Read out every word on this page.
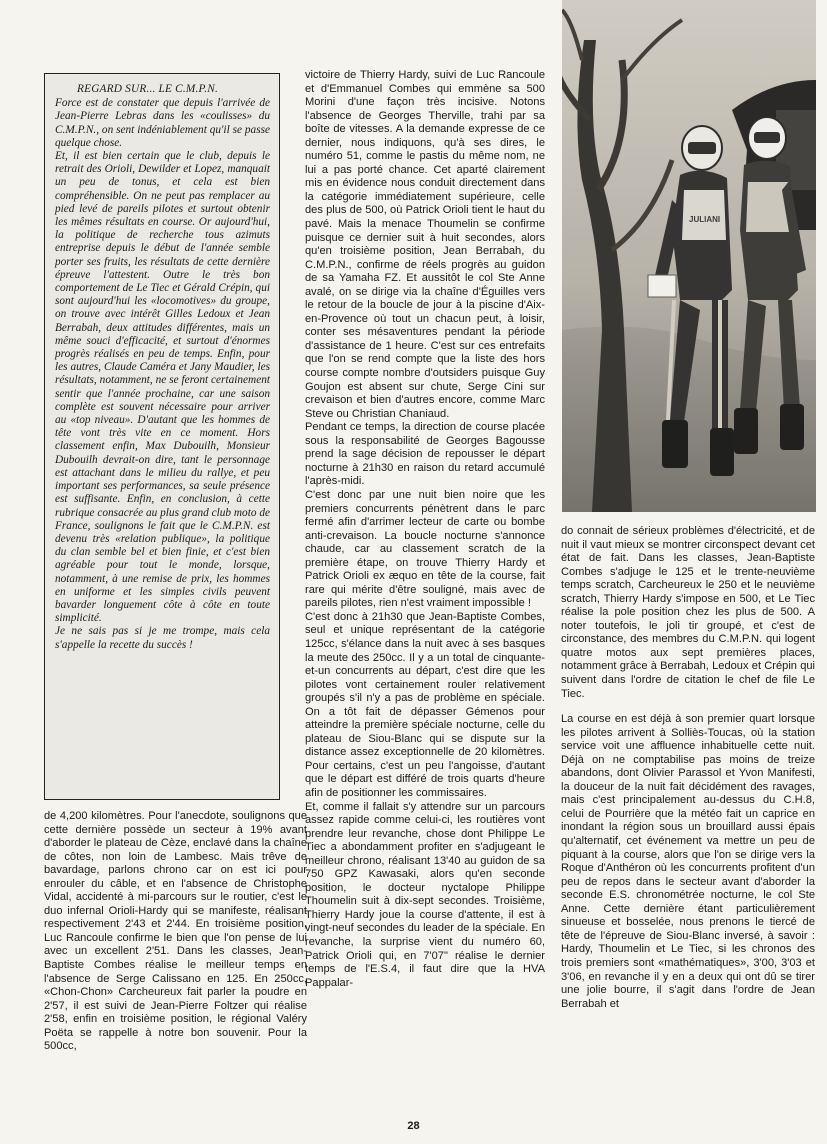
REGARD SUR... LE C.M.P.N.

Force est de constater que depuis l'arrivée de Jean-Pierre Lebras dans les «coulisses» du C.M.P.N., on sent indéniablement qu'il se passe quelque chose.

Et, il est bien certain que le club, depuis le retrait des Orioli, Dewilder et Lopez, manquait un peu de tonus, et cela est bien compréhensible. On ne peut pas remplacer au pied levé de pareils pilotes et surtout obtenir les mêmes résultats en course. Or aujourd'hui, la politique de recherche tous azimuts entreprise depuis le début de l'année semble porter ses fruits, les résultats de cette dernière épreuve l'attestent. Outre le très bon comportement de Le Tiec et Gérald Crépin, qui sont aujourd'hui les «locomotives» du groupe, on trouve avec intérêt Gilles Ledoux et Jean Berrabah, deux attitudes différentes, mais un même souci d'efficacité, et surtout d'énormes progrès réalisés en peu de temps. Enfin, pour les autres, Claude Caméra et Jany Maudier, les résultats, notamment, ne se feront certainement sentir que l'année prochaine, car une saison complète est souvent nécessaire pour arriver au «top niveau». D'autant que les hommes de tête vont très vite en ce moment. Hors classement enfin, Max Dubouilh, Monsieur Dubouilh devrait-on dire, tant le personnage est attachant dans le milieu du rallye, et peu important ses performances, sa seule présence est suffisante. Enfin, en conclusion, à cette rubrique consacrée au plus grand club moto de France, soulignons le fait que le C.M.P.N. est devenu très «relation publique», la politique du clan semble bel et bien finie, et c'est bien agréable pour tout le monde, lorsque, notamment, à une remise de prix, les hommes en uniforme et les simples civils peuvent bavarder longuement côte à côte en toute simplicité.

Je ne sais pas si je me trompe, mais cela s'appelle la recette du succès !

de 4,200 kilomètres. Pour l'anecdote, soulignons que cette dernière possède un secteur à 19% avant d'aborder le plateau de Cèze, enclavé dans la chaîne de côtes, non loin de Lambesc. Mais trêve de bavardage, parlons chrono car on est ici pour enrouler du câble, et en l'absence de Christophe Vidal, accidenté à mi-parcours sur le routier, c'est le duo infernal Orioli-Hardy qui se manifeste, réalisant respectivement 2'43 et 2'44. En troisième position, Luc Rancoule confirme le bien que l'on pense de lui avec un excellent 2'51. Dans les classes, Jean-Baptiste Combes réalise le meilleur temps en l'absence de Serge Calissano en 125. En 250cc, «Chon-Chon» Carcheureux fait parler la poudre en 2'57, il est suivi de Jean-Pierre Foltzer qui réalise 2'58, enfin en troisième position, le régional Valéry Poëta se rappelle à notre bon souvenir. Pour la 500cc,

victoire de Thierry Hardy, suivi de Luc Rancoule et d'Emmanuel Combes qui emmène sa 500 Morini d'une façon très incisive. Notons l'absence de Georges Therville, trahi par sa boîte de vitesses. A la demande expresse de ce dernier, nous indiquons, qu'à ses dires, le numéro 51, comme le pastis du même nom, ne lui a pas porté chance. Cet aparté clairement mis en évidence nous conduit directement dans la catégorie immédiatement supérieure, celle des plus de 500, où Patrick Orioli tient le haut du pavé. Mais la menace Thoumelin se confirme puisque ce dernier suit à huit secondes, alors qu'en troisième position, Jean Berrabah, du C.M.P.N., confirme de réels progrès au guidon de sa Yamaha FZ. Et aussitôt le col Ste Anne avalé, on se dirige via la chaîne d'Éguilles vers le retour de la boucle de jour à la piscine d'Aix-en-Provence où tout un chacun peut, à loisir, conter ses mésaventures pendant la période d'assistance de 1 heure. C'est sur ces entrefaits que l'on se rend compte que la liste des hors course compte nombre d'outsiders puisque Guy Goujon est absent sur chute, Serge Cini sur crevaison et bien d'autres encore, comme Marc Steve ou Christian Chaniaud.

Pendant ce temps, la direction de course placée sous la responsabilité de Georges Bagousse prend la sage décision de repousser le départ nocturne à 21h30 en raison du retard accumulé l'après-midi.

C'est donc par une nuit bien noire que les premiers concurrents pénètrent dans le parc fermé afin d'arrimer lecteur de carte ou bombe anti-crevaison. La boucle nocturne s'annonce chaude, car au classement scratch de la première étape, on trouve Thierry Hardy et Patrick Orioli ex æquo en tête de la course, fait rare qui mérite d'être souligné, mais avec de pareils pilotes, rien n'est vraiment impossible !

C'est donc à 21h30 que Jean-Baptiste Combes, seul et unique représentant de la catégorie 125cc, s'élance dans la nuit avec à ses basques la meute des 250cc. Il y a un total de cinquante-et-un concurrents au départ, c'est dire que les pilotes vont certainement rouler relativement groupés s'il n'y a pas de problème en spéciale. On a tôt fait de dépasser Gémenos pour atteindre la première spéciale nocturne, celle du plateau de Siou-Blanc qui se dispute sur la distance assez exceptionnelle de 20 kilomètres. Pour certains, c'est un peu l'angoisse, d'autant que le départ est différé de trois quarts d'heure afin de positionner les commissaires.

Et, comme il fallait s'y attendre sur un parcours assez rapide comme celui-ci, les routières vont prendre leur revanche, chose dont Philippe Le Tiec a abondamment profiter en s'adjugeant le meilleur chrono, réalisant 13'40 au guidon de sa 750 GPZ Kawasaki, alors qu'en seconde position, le docteur nyctalope Philippe Thoumelin suit à dix-sept secondes. Troisième, Thierry Hardy joue la course d'attente, il est à vingt-neuf secondes du leader de la spéciale. En revanche, la surprise vient du numéro 60, Patrick Orioli qui, en 7'07" réalise le dernier temps de l'E.S.4, il faut dire que la HVA Pappalar-

JULIANI

do connait de sérieux problèmes d'électricité, et de nuit il vaut mieux se montrer circonspect devant cet état de fait. Dans les classes, Jean-Baptiste Combes s'adjuge le 125 et le trente-neuvième temps scratch, Carcheureux le 250 et le neuvième scratch, Thierry Hardy s'impose en 500, et Le Tiec réalise la pole position chez les plus de 500. A noter toutefois, le joli tir groupé, et c'est de circonstance, des membres du C.M.P.N. qui logent quatre motos aux sept premières places, notamment grâce à Berrabah, Ledoux et Crépin qui suivent dans l'ordre de citation le chef de file Le Tiec.

La course en est déjà à son premier quart lorsque les pilotes arrivent à Solliès-Toucas, où la station service voit une affluence inhabituelle cette nuit. Déjà on ne comptabilise pas moins de treize abandons, dont Olivier Parassol et Yvon Manifesti, la douceur de la nuit fait décidément des ravages, mais c'est principalement au-dessus du C.H.8, celui de Pourrière que la météo fait un caprice en inondant la région sous un brouillard aussi épais qu'alternatif, cet événement va mettre un peu de piquant à la course, alors que l'on se dirige vers la Roque d'Anthéron où les concurrents profitent d'un peu de repos dans le secteur avant d'aborder la seconde E.S. chronométrée nocturne, le col Ste Anne. Cette dernière étant particulièrement sinueuse et bosselée, nous prenons le tiercé de tête de l'épreuve de Siou-Blanc inversé, à savoir : Hardy, Thoumelin et Le Tiec, si les chronos des trois premiers sont «mathématiques», 3'00, 3'03 et 3'06, en revanche il y en a deux qui ont dû se tirer une jolie bourre, il s'agit dans l'ordre de Jean Berrabah et

28
